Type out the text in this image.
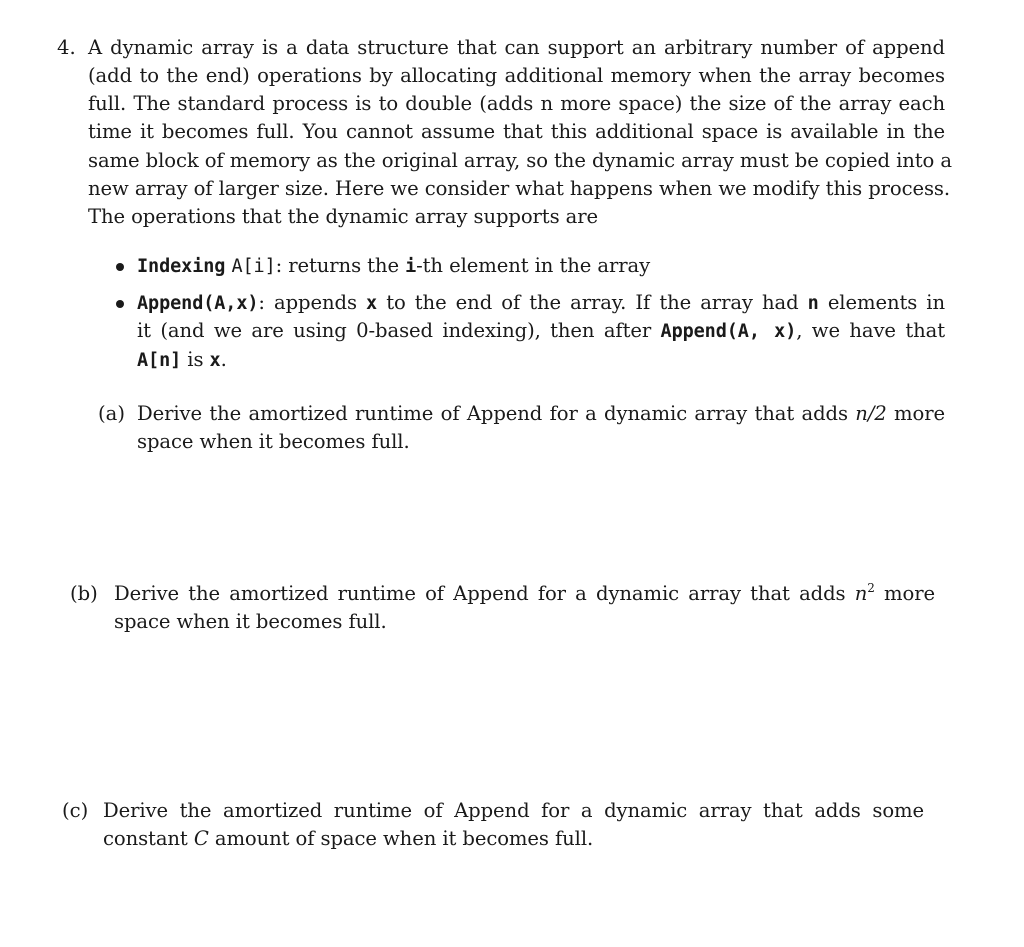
4. A dynamic array is a data structure that can support an arbitrary number of append
(add to the end) operations by allocating additional memory when the array becomes
full. The standard process is to double (adds n more space) the size of the array each
time it becomes full. You cannot assume that this additional space is available in the
same block of memory as the original array, so the dynamic array must be copied into a
new array of larger size. Here we consider what happens when we modify this process.
The operations that the dynamic array supports are
Indexing A[i]: returns the i-th element in the array
Append(A,x): appends x to the end of the array. If the array had n elements in
it (and we are using 0-based indexing), then after Append(A, x), we have that
A[n] is x.
(a) Derive the amortized runtime of Append for a dynamic array that adds n/2 more
space when it becomes full.
(b) Derive the amortized runtime of Append for a dynamic array that adds $n^2$ more
space when it becomes full.
(c) Derive the amortized runtime of Append for a dynamic array that adds some
constant C amount of space when it becomes full.
